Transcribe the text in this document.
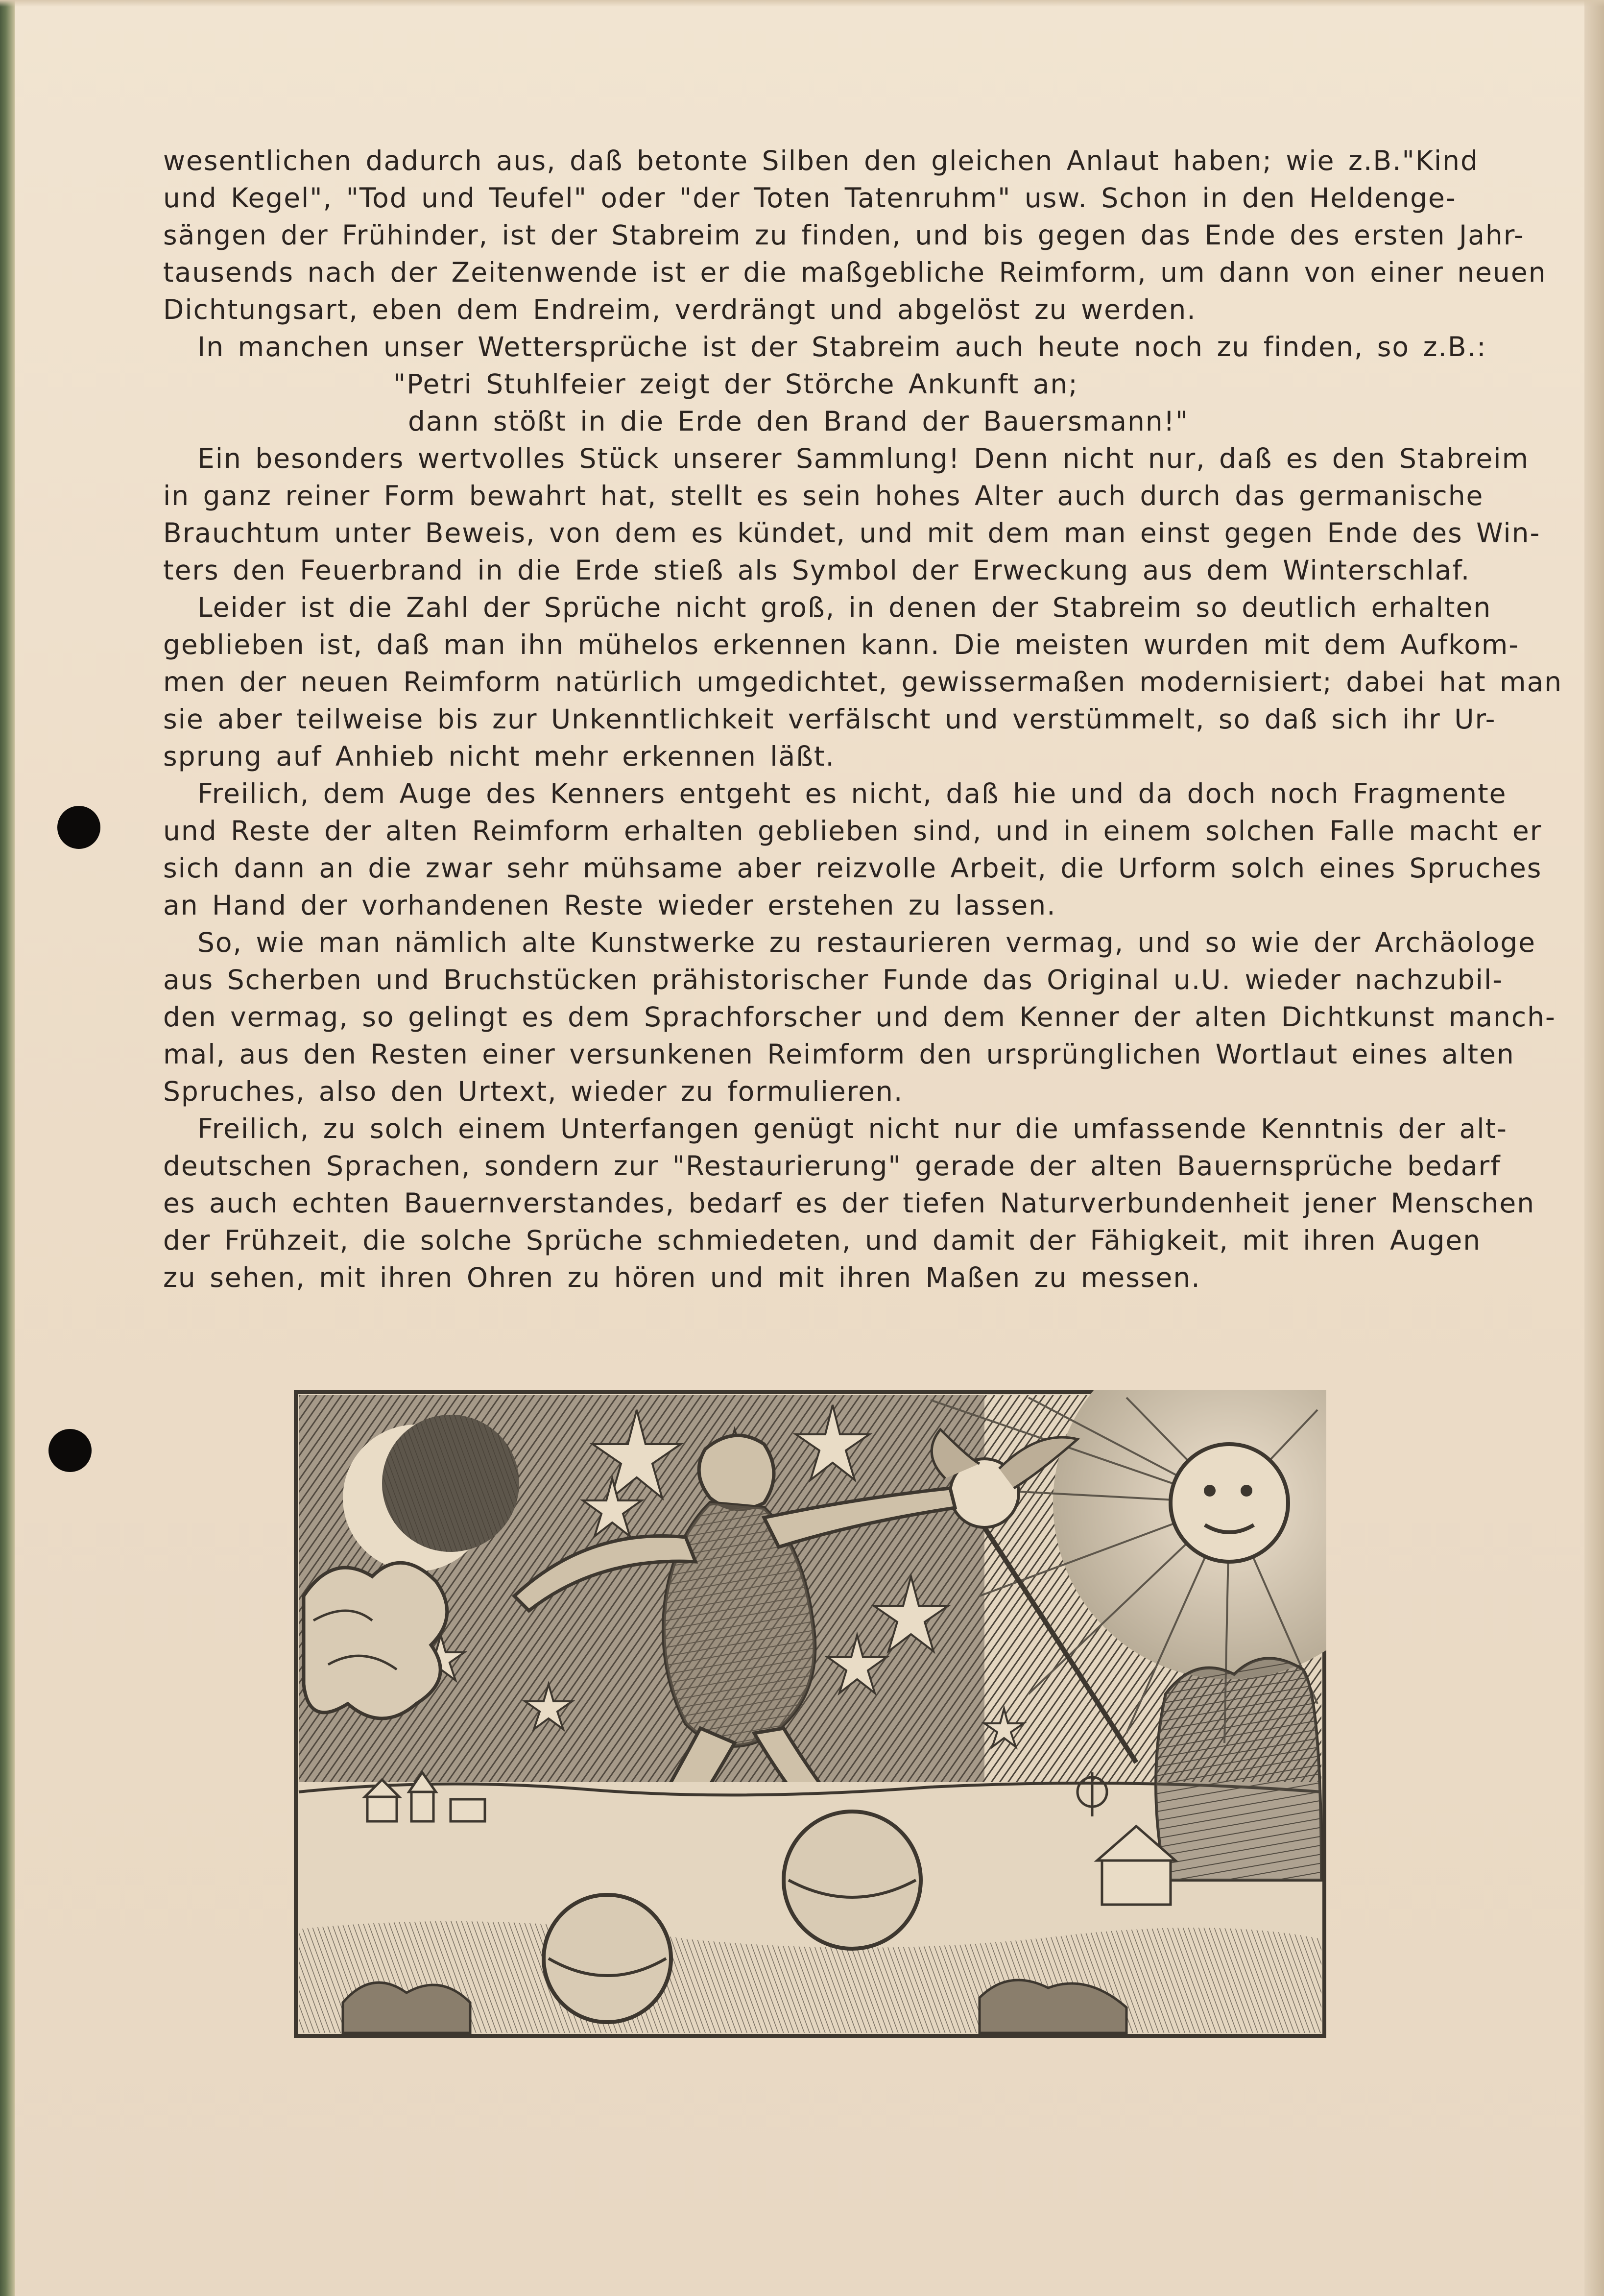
wesentlichen dadurch aus, daß betonte Silben den gleichen Anlaut haben; wie z.B."Kind
und Kegel", "Tod und Teufel" oder "der Toten Tatenruhm" usw. Schon in den Heldenge-
sängen der Frühinder, ist der Stabreim zu finden, und bis gegen das Ende des ersten Jahr-
tausends nach der Zeitenwende ist er die maßgebliche Reimform, um dann von einer neuen
Dichtungsart, eben dem Endreim, verdrängt und abgelöst zu werden.
In manchen unser Wettersprüche ist der Stabreim auch heute noch zu finden, so z.B.:
"Petri Stuhlfeier zeigt der Störche Ankunft an;
dann stößt in die Erde den Brand der Bauersmann!"
Ein besonders wertvolles Stück unserer Sammlung! Denn nicht nur, daß es den Stabreim
in ganz reiner Form bewahrt hat, stellt es sein hohes Alter auch durch das germanische
Brauchtum unter Beweis, von dem es kündet, und mit dem man einst gegen Ende des Win-
ters den Feuerbrand in die Erde stieß als Symbol der Erweckung aus dem Winterschlaf.
Leider ist die Zahl der Sprüche nicht groß, in denen der Stabreim so deutlich erhalten
geblieben ist, daß man ihn mühelos erkennen kann. Die meisten wurden mit dem Aufkom-
men der neuen Reimform natürlich umgedichtet, gewissermaßen modernisiert; dabei hat man
sie aber teilweise bis zur Unkenntlichkeit verfälscht und verstümmelt, so daß sich ihr Ur-
sprung auf Anhieb nicht mehr erkennen läßt.
Freilich, dem Auge des Kenners entgeht es nicht, daß hie und da doch noch Fragmente
und Reste der alten Reimform erhalten geblieben sind, und in einem solchen Falle macht er
sich dann an die zwar sehr mühsame aber reizvolle Arbeit, die Urform solch eines Spruches
an Hand der vorhandenen Reste wieder erstehen zu lassen.
So, wie man nämlich alte Kunstwerke zu restaurieren vermag, und so wie der Archäologe
aus Scherben und Bruchstücken prähistorischer Funde das Original u.U. wieder nachzubil-
den vermag, so gelingt es dem Sprachforscher und dem Kenner der alten Dichtkunst manch-
mal, aus den Resten einer versunkenen Reimform den ursprünglichen Wortlaut eines alten
Spruches, also den Urtext, wieder zu formulieren.
Freilich, zu solch einem Unterfangen genügt nicht nur die umfassende Kenntnis der alt-
deutschen Sprachen, sondern zur "Restaurierung" gerade der alten Bauernsprüche bedarf
es auch echten Bauernverstandes, bedarf es der tiefen Naturverbundenheit jener Menschen
der Frühzeit, die solche Sprüche schmiedeten, und damit der Fähigkeit, mit ihren Augen
zu sehen, mit ihren Ohren zu hören und mit ihren Maßen zu messen.
